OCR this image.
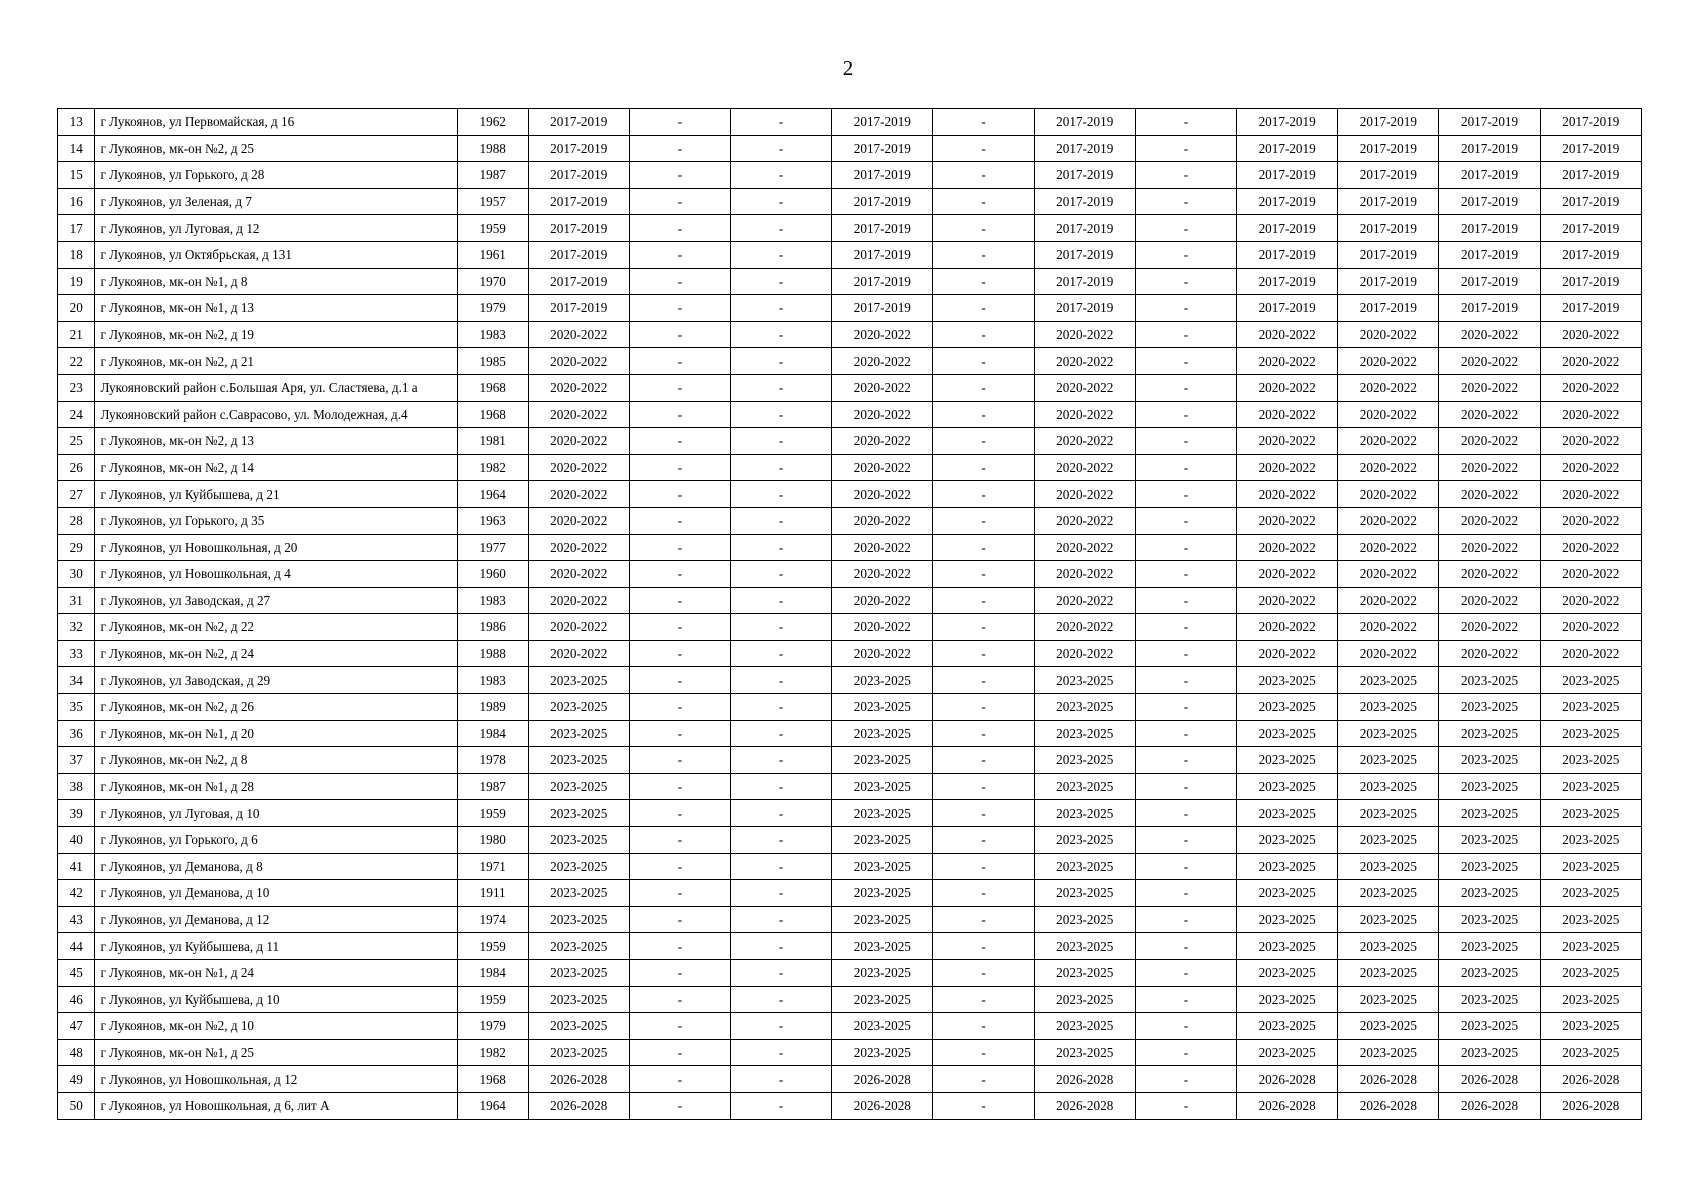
2
13	г Лукоянов, ул Первомайская, д 16	1962	2017-2019	-	-	2017-2019	-	2017-2019	-	2017-2019	2017-2019	2017-2019	2017-2019
14	г Лукоянов, мк-он №2, д 25	1988	2017-2019	-	-	2017-2019	-	2017-2019	-	2017-2019	2017-2019	2017-2019	2017-2019
15	г Лукоянов, ул Горького, д 28	1987	2017-2019	-	-	2017-2019	-	2017-2019	-	2017-2019	2017-2019	2017-2019	2017-2019
16	г Лукоянов, ул Зеленая, д 7	1957	2017-2019	-	-	2017-2019	-	2017-2019	-	2017-2019	2017-2019	2017-2019	2017-2019
17	г Лукоянов, ул Луговая, д 12	1959	2017-2019	-	-	2017-2019	-	2017-2019	-	2017-2019	2017-2019	2017-2019	2017-2019
18	г Лукоянов, ул Октябрьская, д 131	1961	2017-2019	-	-	2017-2019	-	2017-2019	-	2017-2019	2017-2019	2017-2019	2017-2019
19	г Лукоянов, мк-он №1, д 8	1970	2017-2019	-	-	2017-2019	-	2017-2019	-	2017-2019	2017-2019	2017-2019	2017-2019
20	г Лукоянов, мк-он №1, д 13	1979	2017-2019	-	-	2017-2019	-	2017-2019	-	2017-2019	2017-2019	2017-2019	2017-2019
21	г Лукоянов, мк-он №2, д 19	1983	2020-2022	-	-	2020-2022	-	2020-2022	-	2020-2022	2020-2022	2020-2022	2020-2022
22	г Лукоянов, мк-он №2, д 21	1985	2020-2022	-	-	2020-2022	-	2020-2022	-	2020-2022	2020-2022	2020-2022	2020-2022
23	Лукояновский район с.Большая Аря, ул. Сластяева, д.1 а	1968	2020-2022	-	-	2020-2022	-	2020-2022	-	2020-2022	2020-2022	2020-2022	2020-2022
24	Лукояновский район с.Саврасово, ул. Молодежная, д.4	1968	2020-2022	-	-	2020-2022	-	2020-2022	-	2020-2022	2020-2022	2020-2022	2020-2022
25	г Лукоянов, мк-он №2, д 13	1981	2020-2022	-	-	2020-2022	-	2020-2022	-	2020-2022	2020-2022	2020-2022	2020-2022
26	г Лукоянов, мк-он №2, д 14	1982	2020-2022	-	-	2020-2022	-	2020-2022	-	2020-2022	2020-2022	2020-2022	2020-2022
27	г Лукоянов, ул Куйбышева, д 21	1964	2020-2022	-	-	2020-2022	-	2020-2022	-	2020-2022	2020-2022	2020-2022	2020-2022
28	г Лукоянов, ул Горького, д 35	1963	2020-2022	-	-	2020-2022	-	2020-2022	-	2020-2022	2020-2022	2020-2022	2020-2022
29	г Лукоянов, ул Новошкольная, д 20	1977	2020-2022	-	-	2020-2022	-	2020-2022	-	2020-2022	2020-2022	2020-2022	2020-2022
30	г Лукоянов, ул Новошкольная, д 4	1960	2020-2022	-	-	2020-2022	-	2020-2022	-	2020-2022	2020-2022	2020-2022	2020-2022
31	г Лукоянов, ул Заводская, д 27	1983	2020-2022	-	-	2020-2022	-	2020-2022	-	2020-2022	2020-2022	2020-2022	2020-2022
32	г Лукоянов, мк-он №2, д 22	1986	2020-2022	-	-	2020-2022	-	2020-2022	-	2020-2022	2020-2022	2020-2022	2020-2022
33	г Лукоянов, мк-он №2, д 24	1988	2020-2022	-	-	2020-2022	-	2020-2022	-	2020-2022	2020-2022	2020-2022	2020-2022
34	г Лукоянов, ул Заводская, д 29	1983	2023-2025	-	-	2023-2025	-	2023-2025	-	2023-2025	2023-2025	2023-2025	2023-2025
35	г Лукоянов, мк-он №2, д 26	1989	2023-2025	-	-	2023-2025	-	2023-2025	-	2023-2025	2023-2025	2023-2025	2023-2025
36	г Лукоянов, мк-он №1, д 20	1984	2023-2025	-	-	2023-2025	-	2023-2025	-	2023-2025	2023-2025	2023-2025	2023-2025
37	г Лукоянов, мк-он №2, д 8	1978	2023-2025	-	-	2023-2025	-	2023-2025	-	2023-2025	2023-2025	2023-2025	2023-2025
38	г Лукоянов, мк-он №1, д 28	1987	2023-2025	-	-	2023-2025	-	2023-2025	-	2023-2025	2023-2025	2023-2025	2023-2025
39	г Лукоянов, ул Луговая, д 10	1959	2023-2025	-	-	2023-2025	-	2023-2025	-	2023-2025	2023-2025	2023-2025	2023-2025
40	г Лукоянов, ул Горького, д 6	1980	2023-2025	-	-	2023-2025	-	2023-2025	-	2023-2025	2023-2025	2023-2025	2023-2025
41	г Лукоянов, ул Деманова, д 8	1971	2023-2025	-	-	2023-2025	-	2023-2025	-	2023-2025	2023-2025	2023-2025	2023-2025
42	г Лукоянов, ул Деманова, д 10	1911	2023-2025	-	-	2023-2025	-	2023-2025	-	2023-2025	2023-2025	2023-2025	2023-2025
43	г Лукоянов, ул Деманова, д 12	1974	2023-2025	-	-	2023-2025	-	2023-2025	-	2023-2025	2023-2025	2023-2025	2023-2025
44	г Лукоянов, ул Куйбышева, д 11	1959	2023-2025	-	-	2023-2025	-	2023-2025	-	2023-2025	2023-2025	2023-2025	2023-2025
45	г Лукоянов, мк-он №1, д 24	1984	2023-2025	-	-	2023-2025	-	2023-2025	-	2023-2025	2023-2025	2023-2025	2023-2025
46	г Лукоянов, ул Куйбышева, д 10	1959	2023-2025	-	-	2023-2025	-	2023-2025	-	2023-2025	2023-2025	2023-2025	2023-2025
47	г Лукоянов, мк-он №2, д 10	1979	2023-2025	-	-	2023-2025	-	2023-2025	-	2023-2025	2023-2025	2023-2025	2023-2025
48	г Лукоянов, мк-он №1, д 25	1982	2023-2025	-	-	2023-2025	-	2023-2025	-	2023-2025	2023-2025	2023-2025	2023-2025
49	г Лукоянов, ул Новошкольная, д 12	1968	2026-2028	-	-	2026-2028	-	2026-2028	-	2026-2028	2026-2028	2026-2028	2026-2028
50	г Лукоянов, ул Новошкольная, д 6, лит А	1964	2026-2028	-	-	2026-2028	-	2026-2028	-	2026-2028	2026-2028	2026-2028	2026-2028
